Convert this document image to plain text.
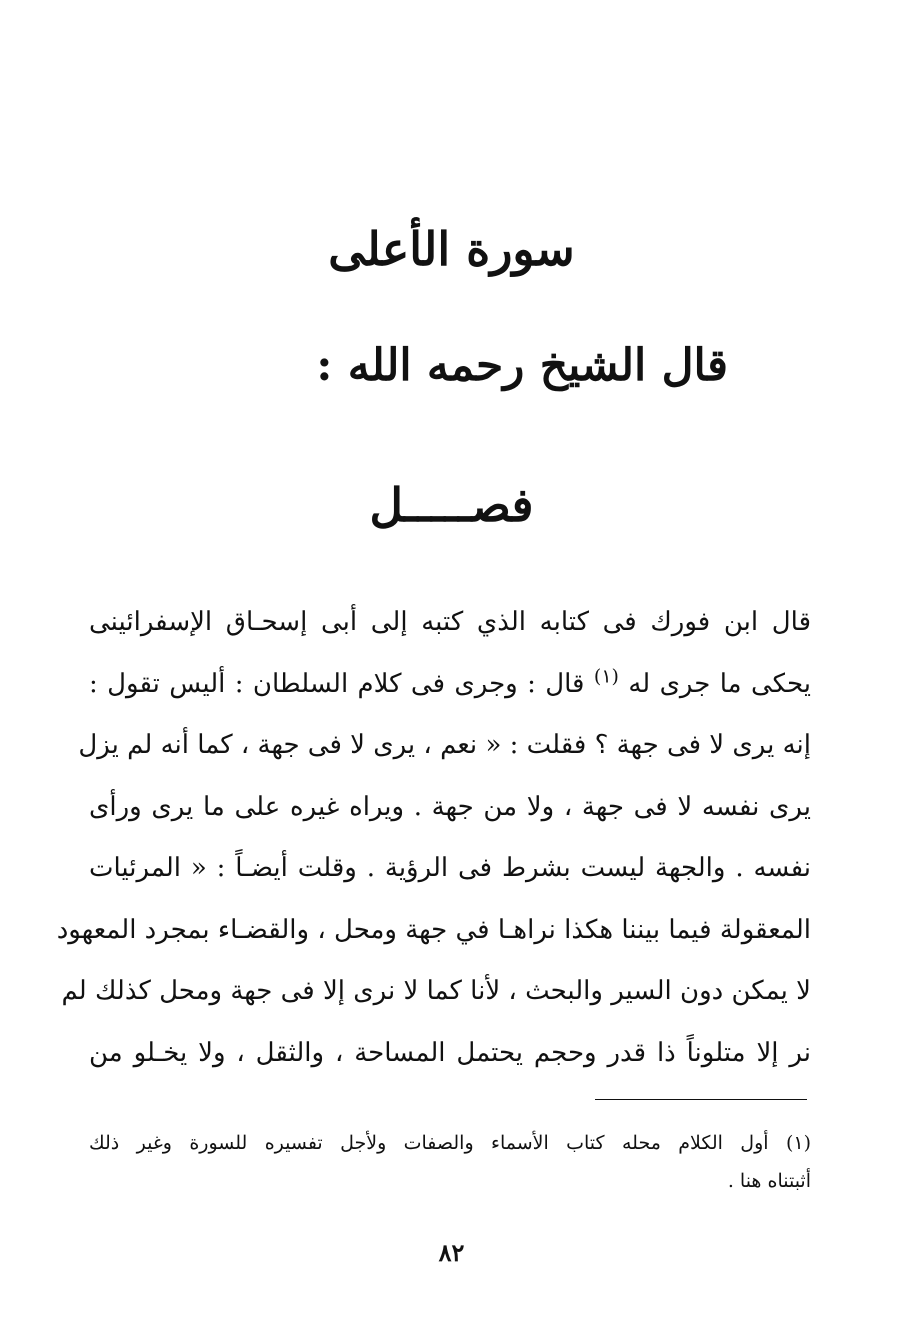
سورة الأعلى
قال الشيخ رحمه الله :
فصـــــل

قال ابن فورك فى كتابه الذي كتبه إلى أبى إسحـاق الإسفرائينى
يحكى ما جرى له $^{(١)}$ قال : وجرى فى كلام السلطان : أليس تقول :
إنه يرى لا فى جهة ؟ فقلت : « نعم ، يرى لا فى جهة ، كما أنه لم يزل
يرى نفسه لا فى جهة ، ولا من جهة . ويراه غيره على ما يرى ورأى
نفسه . والجهة ليست بشرط فى الرؤية . وقلت أيضـاً : « المرئيات
المعقولة فيما بيننا هكذا نراهـا في جهة ومحل ، والقضـاء بمجرد المعهود
لا يمكن دون السير والبحث ، لأنا كما لا نرى إلا فى جهة ومحل كذلك لم
نر إلا متلوناً ذا قدر وحجم يحتمل المساحة ، والثقل ، ولا يخـلو من

(١) أول الكلام محله كتاب الأسماء والصفات ولأجل تفسيره للسورة وغير ذلك
أثبتناه هنا .

٨٢
